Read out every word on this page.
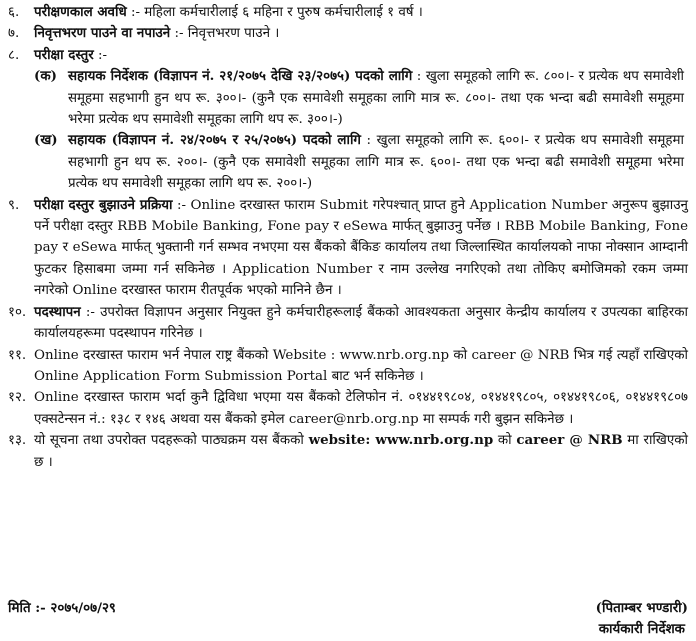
६.	परीक्षणकाल अवधि :- महिला कर्मचारीलाई ६ महिना र पुरुष कर्मचारीलाई १ वर्ष ।
७.	निवृत्तभरण पाउने वा नपाउने :- निवृत्तभरण पाउने ।
८.	परीक्षा दस्तुर :-
(क) सहायक निर्देशक (विज्ञापन नं. २१/२०७५ देखि २३/२०७५) पदको लागि : खुला समूहको लागि रू. ८००।- र प्रत्येक थप समावेशी समूहमा सहभागी हुन थप रू. ३००।- (कुनै एक समावेशी समूहका लागि मात्र रू. ८००।- तथा एक भन्दा बढी समावेशी समूहमा भरेमा प्रत्येक थप समावेशी समूहका लागि थप रू. ३००।-)
(ख) सहायक (विज्ञापन नं. २४/२०७५ र २५/२०७५) पदको लागि : खुला समूहको लागि रू. ६००।- र प्रत्येक थप समावेशी समूहमा सहभागी हुन थप रू. २००।- (कुनै एक समावेशी समूहका लागि मात्र रू. ६००।- तथा एक भन्दा बढी समावेशी समूहमा भरेमा प्रत्येक थप समावेशी समूहका लागि थप रू. २००।-)
९.	परीक्षा दस्तुर बुझाउने प्रक्रिया :- Online दरखास्त फाराम Submit गरेपश्चात् प्राप्त हुने Application Number अनुरूप बुझाउनु पर्ने परीक्षा दस्तुर RBB Mobile Banking, Fone pay र eSewa मार्फत् बुझाउनु पर्नेछ । RBB Mobile Banking, Fone pay र eSewa मार्फत् भुक्तानी गर्न सम्भव नभएमा यस बैंकको बैंकिङ कार्यालय तथा जिल्लास्थित कार्यालयको नाफा नोक्सान आम्दानी फुटकर हिसाबमा जम्मा गर्न सकिनेछ । Application Number र नाम उल्लेख नगरिएको तथा तोकिए बमोजिमको रकम जम्मा नगरेको Online दरखास्त फाराम रीतपूर्वक भएको मानिने छैन ।
१०. पदस्थापन :- उपरोक्त विज्ञापन अनुसार नियुक्त हुने कर्मचारीहरूलाई बैंकको आवश्यकता अनुसार केन्द्रीय कार्यालय र उपत्यका बाहिरका कार्यालयहरूमा पदस्थापन गरिनेछ ।
११. Online दरखास्त फाराम भर्न नेपाल राष्ट्र बैंकको Website : www.nrb.org.np को career @ NRB भित्र गई त्यहाँ राखिएको Online Application Form Submission Portal बाट भर्न सकिनेछ ।
१२. Online दरखास्त फाराम भर्दा कुनै द्विविधा भएमा यस बैंकको टेलिफोन नं. ०१४४१९८०४, ०१४४१९८०५, ०१४४१९८०६, ०१४४१९८०७ एक्सटेन्सन नं.: १३८ र १४६ अथवा यस बैंकको इमेल career@nrb.org.np मा सम्पर्क गरी बुझन सकिनेछ ।
१३. यो सूचना तथा उपरोक्त पदहरूको पाठ्यक्रम यस बैंकको website: www.nrb.org.np को career @ NRB मा राखिएको छ ।
मिति :- २०७५/०७/२९	(पिताम्बर भण्डारी)
कार्यकारी निर्देशक
